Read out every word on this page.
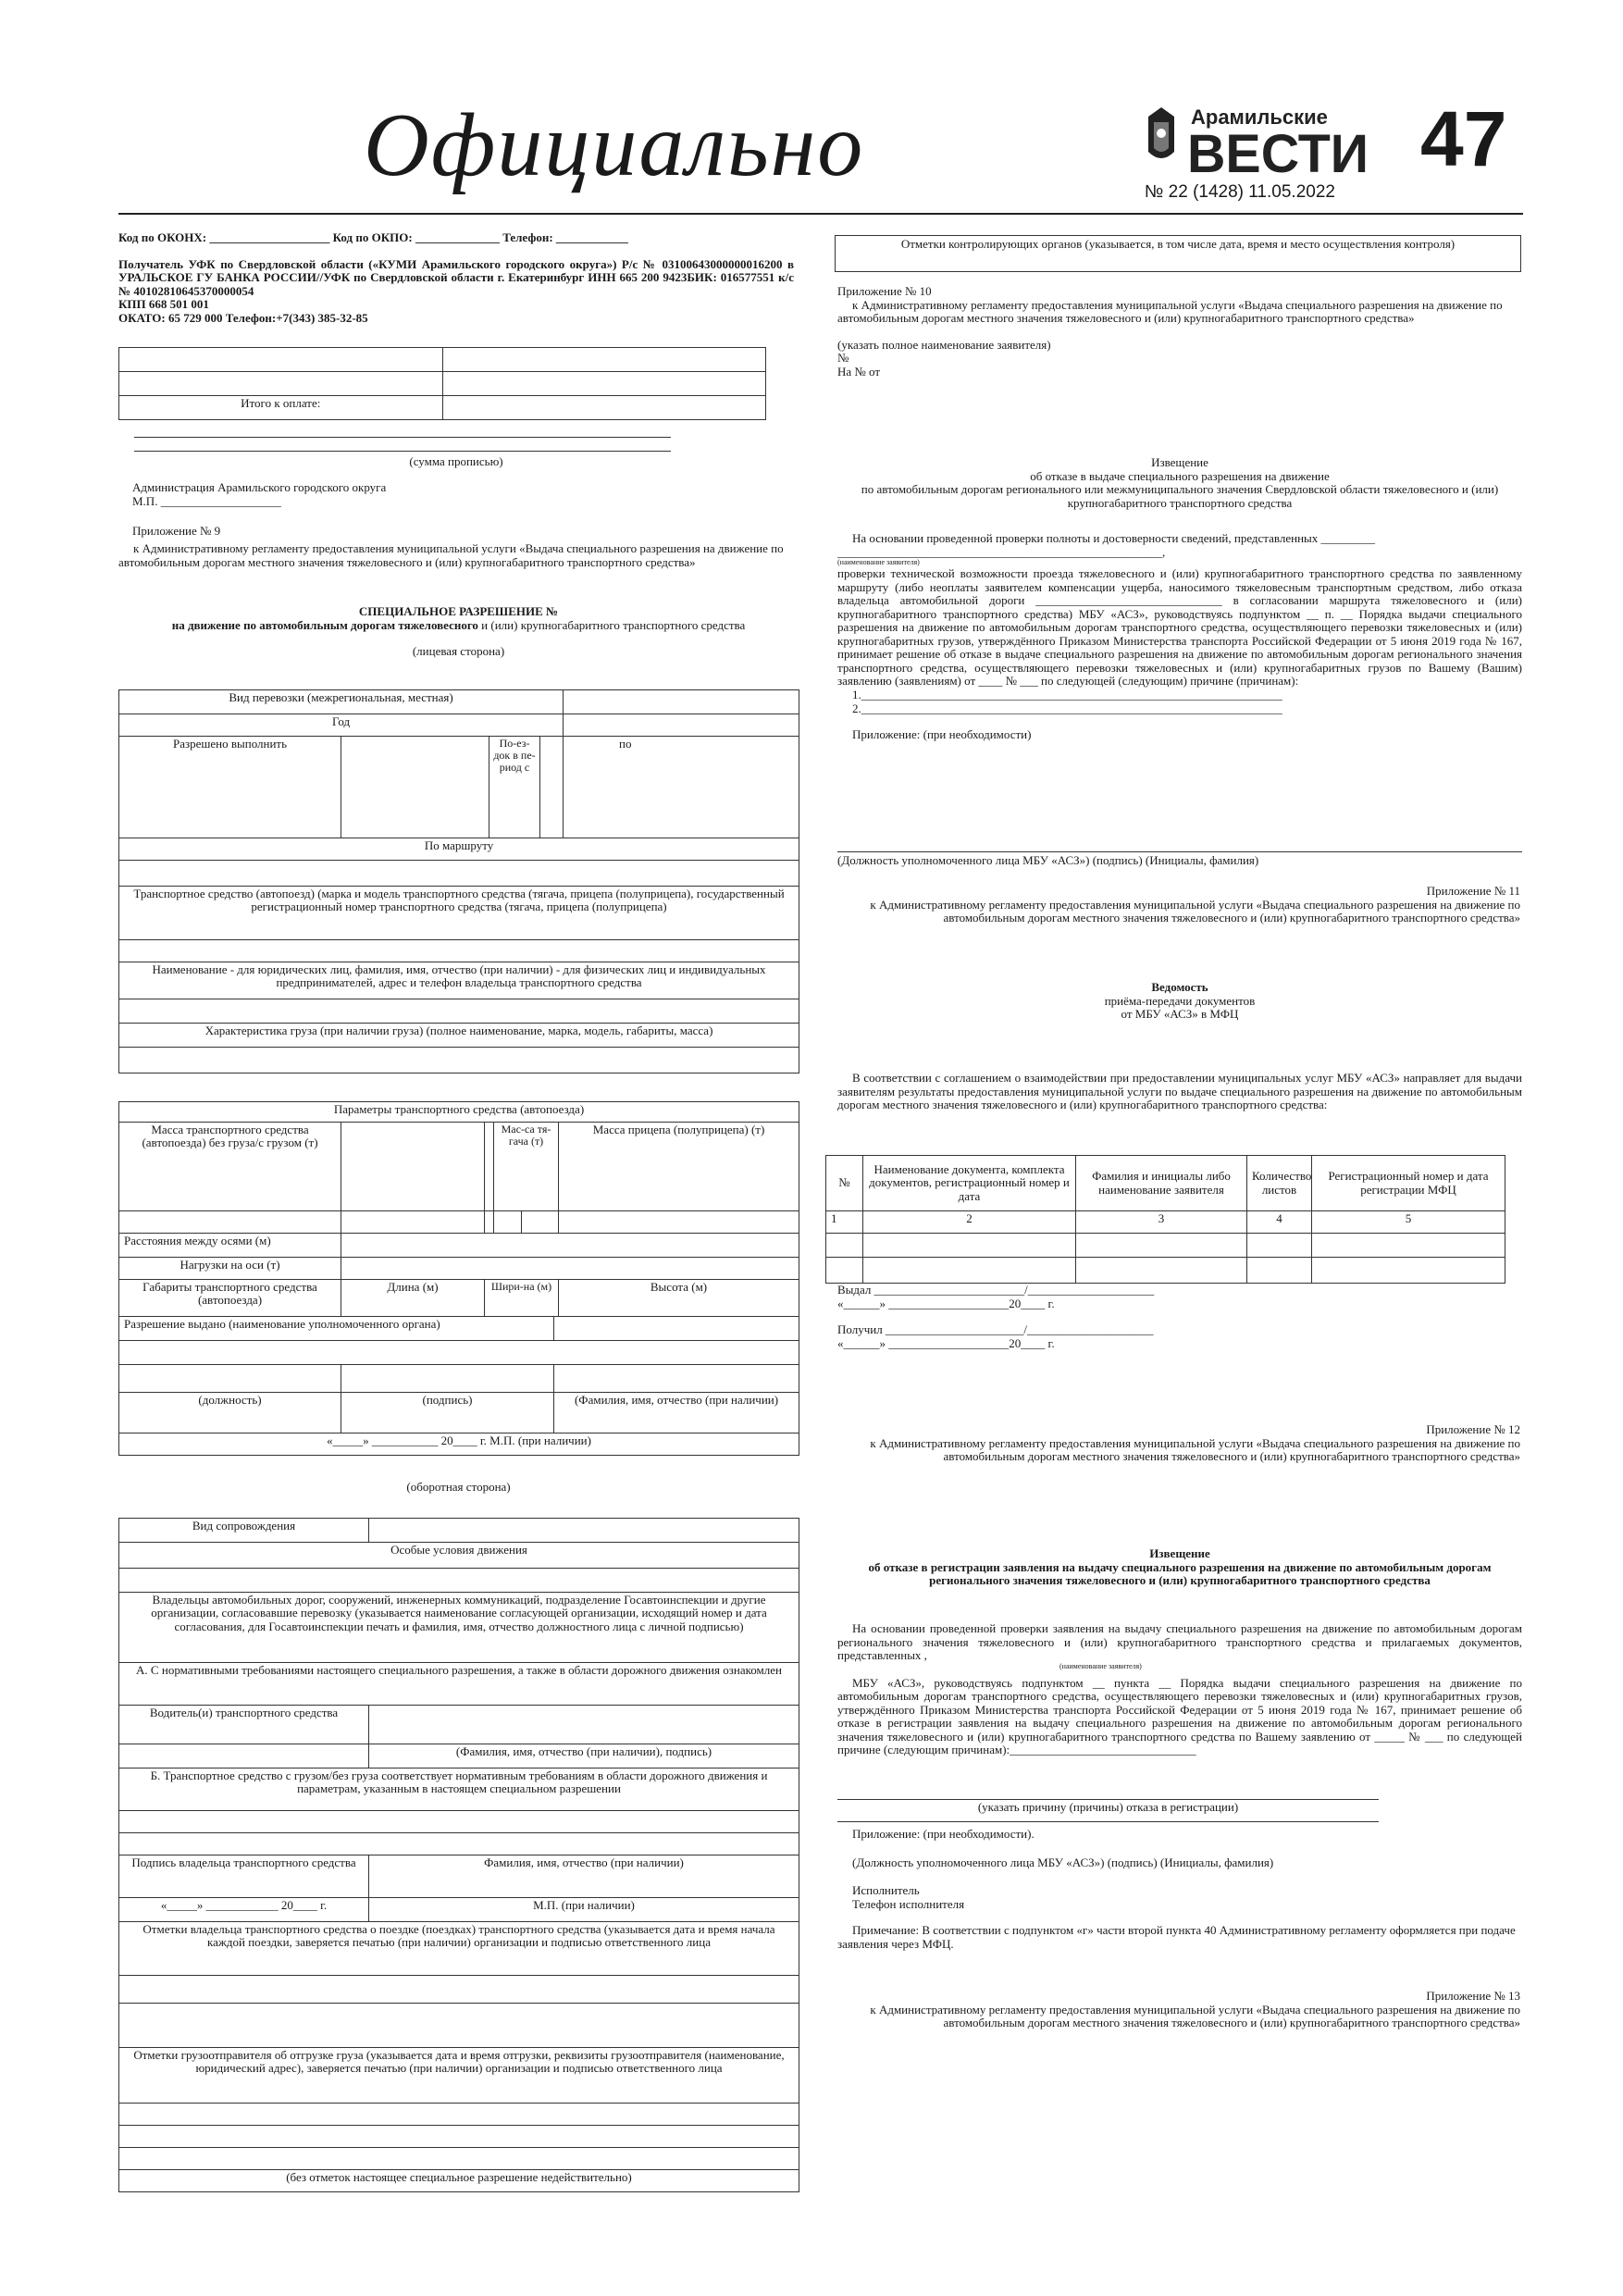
Официально	Арамильские
ВЕСТИ 47
№ 22 (1428) 11.05.2022

Код по ОКОНХ: ____________________ Код по ОКПО: ______________ Телефон: ____________

Получатель УФК по Свердловской области («КУМИ Арамильского городского округа») Р/с № 03100643000000016200 в УРАЛЬСКОЕ ГУ БАНКА РОССИИ//УФК по Свердловской области г. Екатеринбург ИНН 665 200 9423БИК: 016577551 к/с № 40102810645370000054

КПП 668 501 001

ОКАТО: 65 729 000 Телефон:+7(343) 385-32-85

Итого к оплате:	
(сумма прописью)

Администрация Арамильского городского округа

М.П. ____________________

Приложение № 9

к Административному регламенту предоставления муниципальной услуги «Выдача специального разрешения на движение по автомобильным дорогам местного значения тяжеловесного и (или) крупногабаритного транспортного средства»

СПЕЦИАЛЬНОЕ РАЗРЕШЕНИЕ №

на движение по автомобильным дорогам тяжеловесного и (или) крупногабаритного транспортного средства

(лицевая сторона)

Вид перевозки (межрегиональная, местная)				
Год				
Разрешено выполнить		По-ез-док в пе-риод с		по
По маршруту				

Транспортное средство (автопоезд) (марка и модель транспортного средства (тягача, прицепа (полуприцепа), государственный регистрационный номер транспортного средства (тягача, прицепа (полуприцепа)				

Наименование - для юридических лиц, фамилия, имя, отчество (при наличии) - для физических лиц и индивидуальных предпринимателей, адрес и телефон владельца транспортного средства				

Характеристика груза (при наличии груза) (полное наименование, марка, модель, габариты, масса)				

Параметры транспортного средства (автопоезда)					
Масса транспортного средства (автопоезда) без груза/с грузом (т)			Мас-са тя-гача (т)		Масса прицепа (полуприцепа) (т)

Расстояния между осями (м)					
Нагрузки на оси (т)					
Габариты транспортного средства (автопоезда)	Длина (м)	Шири-на (м)			Высота (м)
Разрешение выдано (наименование уполномоченного органа)		

(должность)	(подпись)	(Фамилия, имя, отчество (при наличии)
«_____» ___________ 20____ г. М.П. (при наличии)		
(оборотная сторона)
Вид сопровождения	
Особые условия движения	

Владельцы автомобильных дорог, сооружений, инженерных коммуникаций, подразделение Госавтоинспекции и другие организации, согласовавшие перевозку (указывается наименование согласующей организации, исходящий номер и дата согласования, для Госавтоинспекции печать и фамилия, имя, отчество должностного лица с личной подписью)	
А. С нормативными требованиями настоящего специального разрешения, а также в области дорожного движения ознакомлен	
Водитель(и) транспортного средства	
	(Фамилия, имя, отчество (при наличии), подпись)
Б. Транспортное средство с грузом/без груза соответствует нормативным требованиям в области дорожного движения и параметрам, указанным в настоящем специальном разрешении	

Подпись владельца транспортного средства	Фамилия, имя, отчество (при наличии)
«_____» ____________ 20____ г.	М.П. (при наличии)
Отметки владельца транспортного средства о поездке (поездках) транспортного средства (указывается дата и время начала каждой поездки, заверяется печатью (при наличии) организации и подписью ответственного лица	

Отметки грузоотправителя об отгрузке груза (указывается дата и время отгрузки, реквизиты грузоотправителя (наименование, юридический адрес), заверяется печатью (при наличии) организации и подписью ответственного лица	

(без отметок настоящее специальное разрешение недействительно)	
Отметки контролирующих органов (указывается, в том числе дата, время и место осуществления контроля)

Приложение № 10

к Административному регламенту предоставления муниципальной услуги «Выдача специального разрешения на движение по автомобильным дорогам местного значения тяжеловесного и (или) крупногабаритного транспортного средства»

(указать полное наименование заявителя)

№

На № от

Извещение

об отказе в выдаче специального разрешения на движение

по автомобильным дорогам регионального или межмуниципального значения Свердловской области тяжеловесного и (или) крупногабаритного транспортного средства

На основании проведенной проверки полноты и достоверности сведений, представленных _________

______________________________________________________,

(наименование заявителя)

проверки технической возможности проезда тяжеловесного и (или) крупногабаритного транспортного средства по заявленному маршруту (либо неоплаты заявителем компенсации ущерба, наносимого тяжеловесным транспортным средством, либо отказа владельца автомобильной дороги _______________________________ в согласовании маршрута тяжеловесного и (или) крупногабаритного транспортного средства) МБУ «АСЗ», руководствуясь подпунктом __ п. __ Порядка выдачи специального разрешения на движение по автомобильным дорогам транспортного средства, осуществляющего перевозки тяжеловесных и (или) крупногабаритных грузов, утверждённого Приказом Министерства транспорта Российской Федерации от 5 июня 2019 года № 167, принимает решение об отказе в выдаче специального разрешения на движение по автомобильным дорогам регионального значения транспортного средства, осуществляющего перевозки тяжеловесных и (или) крупногабаритных грузов по Вашему (Вашим) заявлению (заявлениям) от ____ № ___ по следующей (следующим) причине (причинам):

1.______________________________________________________________________

2.______________________________________________________________________

Приложение: (при необходимости)

(Должность уполномоченного лица МБУ «АСЗ») (подпись) (Инициалы, фамилия)

Приложение № 11

к Административному регламенту предоставления муниципальной услуги «Выдача специального разрешения на движение по автомобильным дорогам местного значения тяжеловесного и (или) крупногабаритного транспортного средства»

Ведомость

приёма-передачи документов

от МБУ «АСЗ» в МФЦ

В соответствии с соглашением о взаимодействии при предоставлении муниципальных услуг МБУ «АСЗ» направляет для выдачи заявителям результаты предоставления муниципальной услуги по выдаче специального разрешения на движение по автомобильным дорогам местного значения тяжеловесного и (или) крупногабаритного транспортного средства:

№	Наименование документа, комплекта документов, регистрационный номер и дата	Фамилия и инициалы либо наименование заявителя	Количество листов	Регистрационный номер и дата регистрации МФЦ
1	2	3	4	5

Выдал _________________________/_____________________

«______» ____________________20____ г.

Получил _______________________/_____________________

«______» ____________________20____ г.

Приложение № 12

к Административному регламенту предоставления муниципальной услуги «Выдача специального разрешения на движение по автомобильным дорогам местного значения тяжеловесного и (или) крупногабаритного транспортного средства»

Извещение

об отказе в регистрации заявления на выдачу специального разрешения на движение по автомобильным дорогам регионального значения тяжеловесного и (или) крупногабаритного транспортного средства

На основании проведенной проверки заявления на выдачу специального разрешения на движение по автомобильным дорогам регионального значения тяжеловесного и (или) крупногабаритного транспортного средства и прилагаемых документов, представленных ,

(наименование заявителя)

МБУ «АСЗ», руководствуясь подпунктом __ пункта __ Порядка выдачи специального разрешения на движение по автомобильным дорогам транспортного средства, осуществляющего перевозки тяжеловесных и (или) крупногабаритных грузов, утверждённого Приказом Министерства транспорта Российской Федерации от 5 июня 2019 года № 167, принимает решение об отказе в регистрации заявления на выдачу специального разрешения на движение по автомобильным дорогам регионального значения тяжеловесного и (или) крупногабаритного транспортного средства по Вашему заявлению от _____ № ___ по следующей причине (следующим причинам):_______________________________

(указать причину (причины) отказа в регистрации)

Приложение: (при необходимости).

(Должность уполномоченного лица МБУ «АСЗ») (подпись) (Инициалы, фамилия)

Исполнитель

Телефон исполнителя

Примечание: В соответствии с подпунктом «г» части второй пункта 40 Административному регламенту оформляется при подаче заявления через МФЦ.

Приложение № 13

к Административному регламенту предоставления муниципальной услуги «Выдача специального разрешения на движение по автомобильным дорогам местного значения тяжеловесного и (или) крупногабаритного транспортного средства»
